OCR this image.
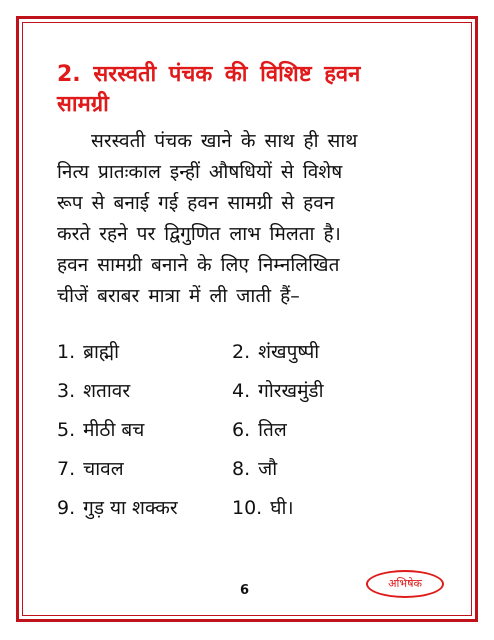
2. सरस्वती पंचक की विशिष्ट हवन
सामग्री
सरस्वती पंचक खाने के साथ ही साथ
नित्य प्रातःकाल इन्हीं औषधियों से विशेष
रूप से बनाई गई हवन सामग्री से हवन
करते रहने पर द्विगुणित लाभ मिलता है।
हवन सामग्री बनाने के लिए निम्नलिखित
चीजें बराबर मात्रा में ली जाती हैं–
1. ब्राह्मी	2. शंखपुष्पी
3. शतावर	4. गोरखमुंडी
5. मीठी बच	6. तिल
7. चावल	8. जौ
9. गुड़ या शक्कर	10. घी।
6	अभिषेक
